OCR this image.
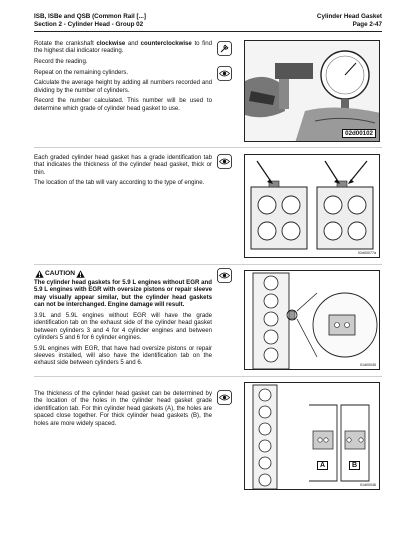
ISB, ISBe and QSB (Common Rail [...]
Section 2 - Cylinder Head - Group 02
Cylinder Head Gasket
Page 2-47

Rotate the crankshaft clockwise and counterclockwise to find the highest dial indicator reading.

Record the reading.

Repeat on the remaining cylinders.

Calculate the average height by adding all numbers recorded and dividing by the number of cylinders.

Record the number calculated. This number will be used to determine which grade of cylinder head gasket to use.

02d00102

Each graded cylinder head gasket has a grade identification tab that indicates the thickness of the cylinder head gasket, thick or thin.

The location of the tab will vary according to the type of engine.

02d00077a
CAUTION

The cylinder head gaskets for 5.9 L engines without EGR and 5.9 L engines with EGR with oversize pistons or repair sleeve may visually appear similar, but the cylinder head gaskets can not be interchanged. Engine damage will result.

3.9L and 5.9L engines without EGR will have the grade identification tab on the exhaust side of the cylinder head gasket between cylinders 3 and 4 for 4 cylinder engines and between cylinders 5 and 6 for 6 cylinder engines.

5.9L engines with EGR, that have had oversize pistons or repair sleeves installed, will also have the identification tab on the exhaust side between cylinders 5 and 6.	01d00045

The thickness of the cylinder head gasket can be determined by the location of the holes in the cylinder head gasket grade identification tab. For thin cylinder head gaskets (A), the holes are spaced close together. For thick cylinder head gaskets (B), the holes are more widely spaced.

A	B
01d00046
